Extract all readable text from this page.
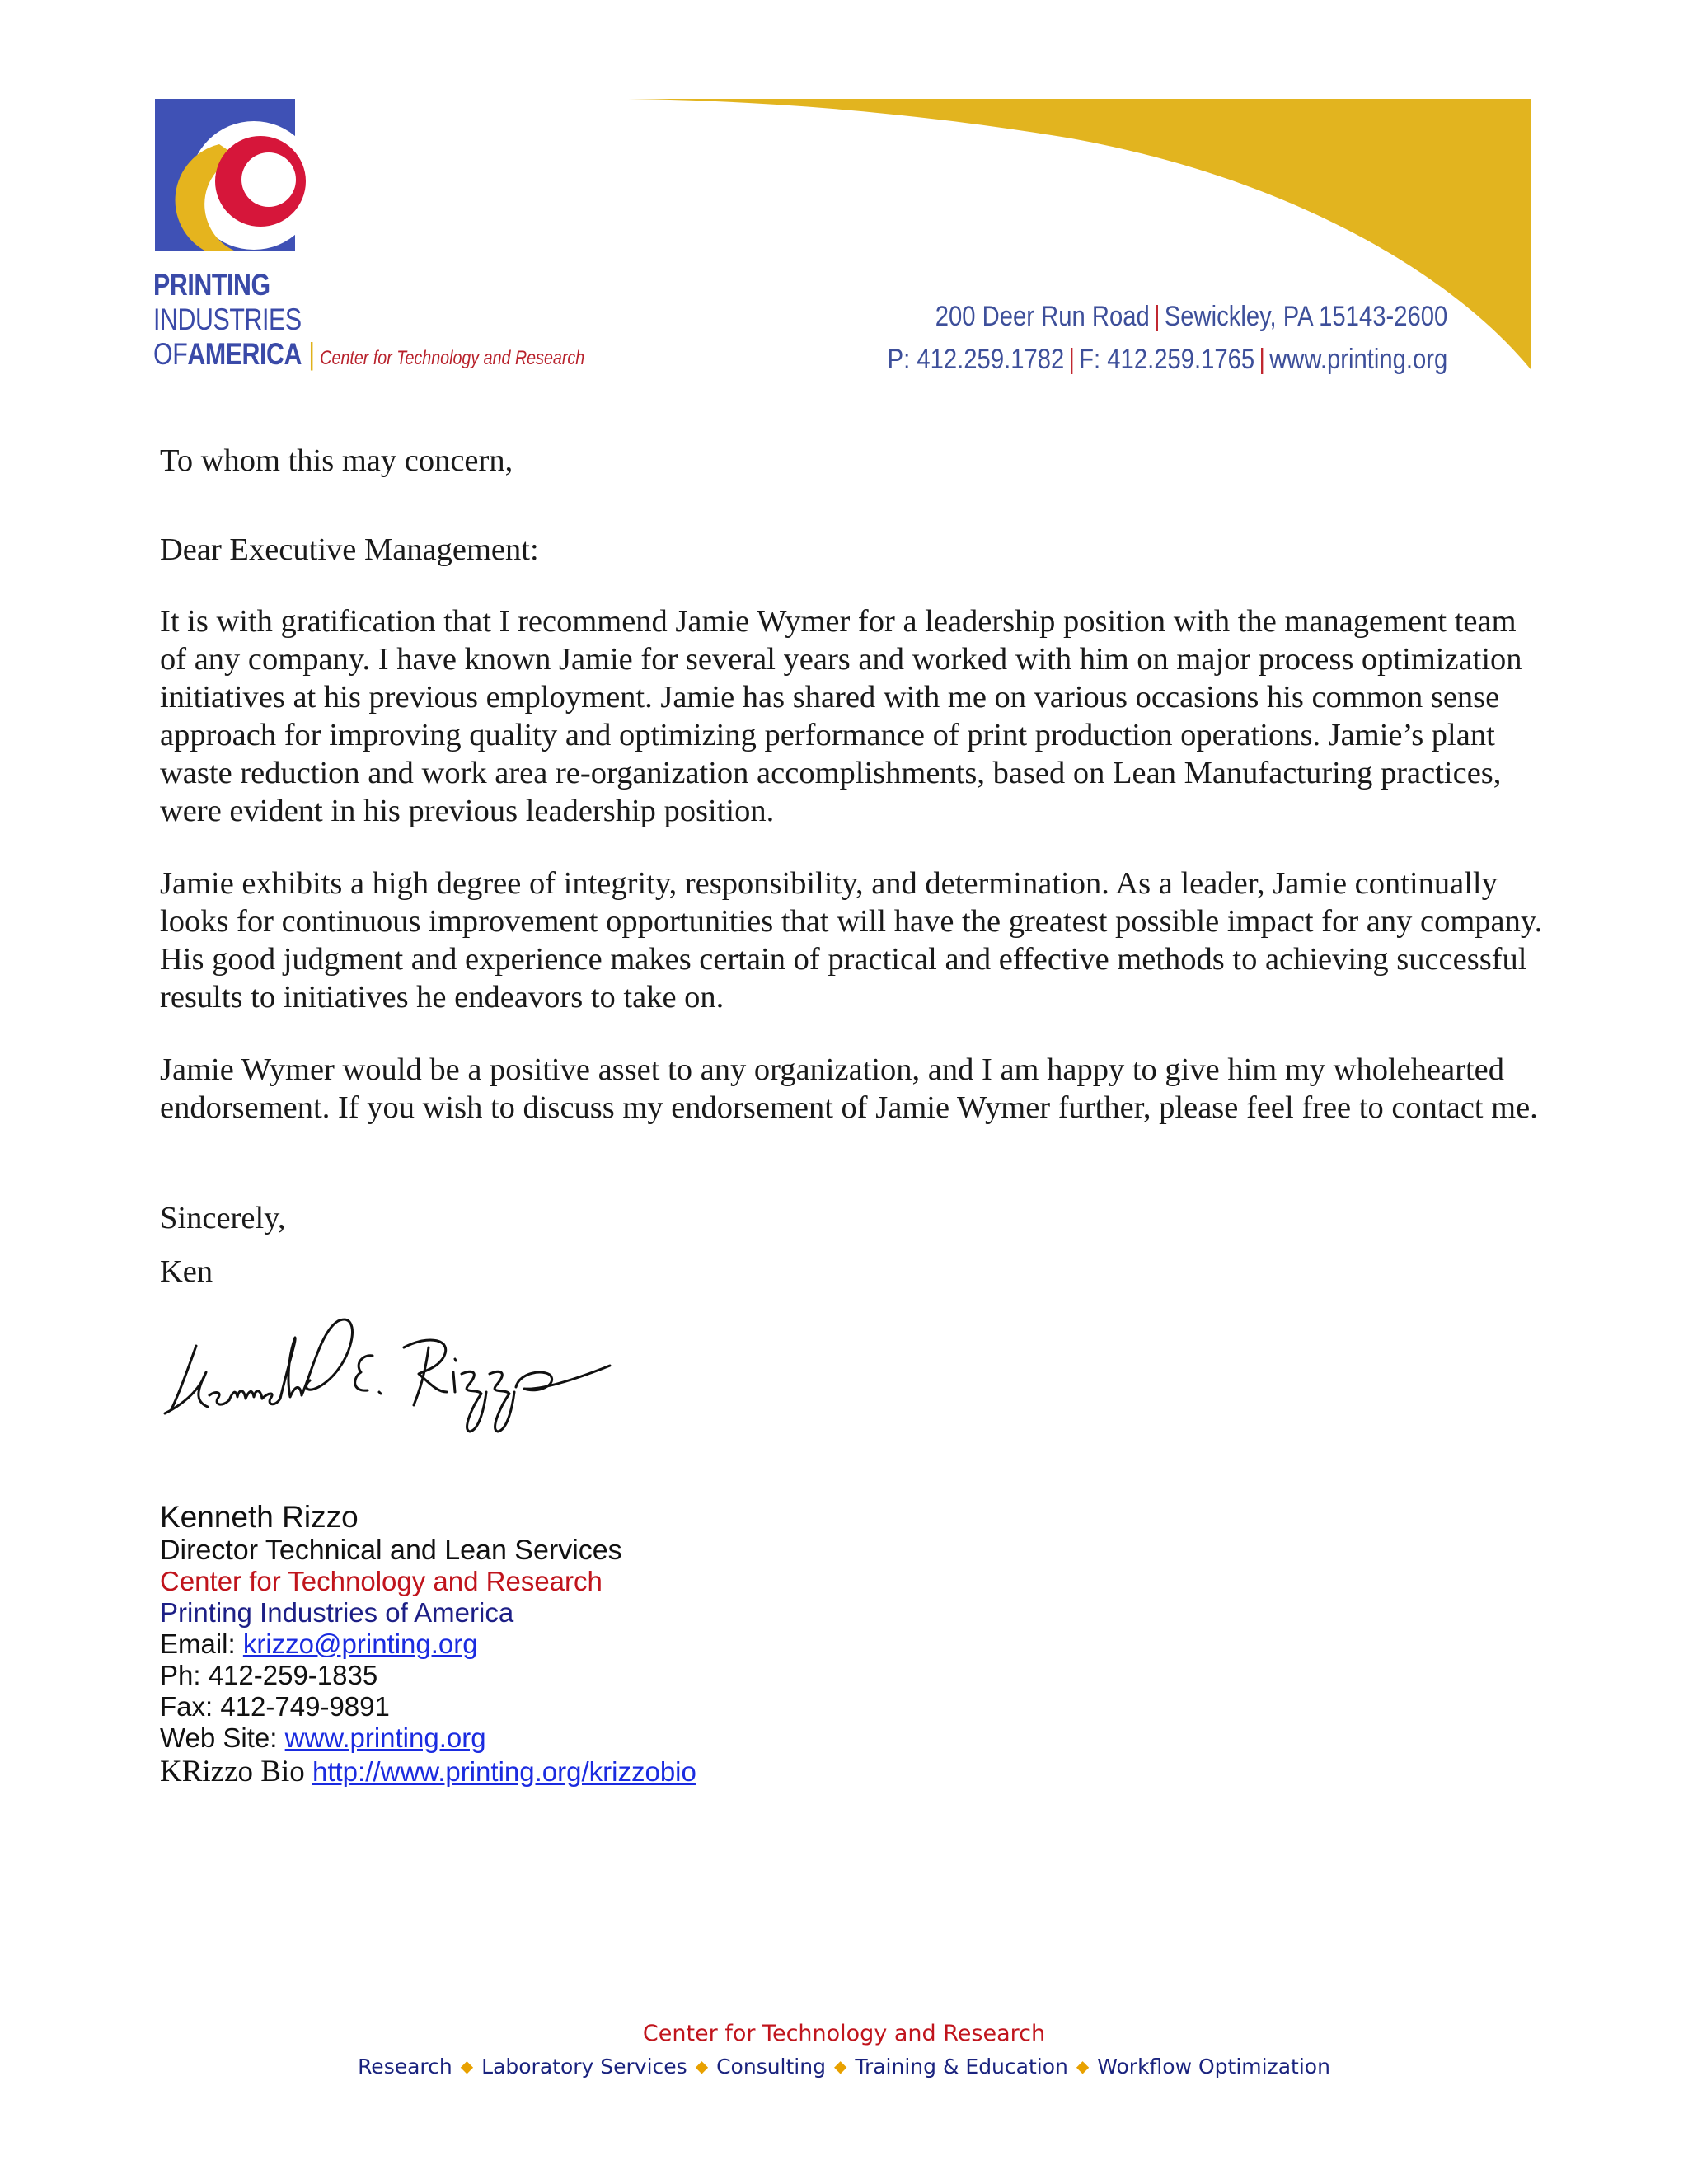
PRINTING
INDUSTRIES
OFAMERICA | Center for Technology and Research
200 Deer Run Road | Sewickley, PA 15143-2600
P: 412.259.1782 | F: 412.259.1765 | www.printing.org

To whom this may concern,

Dear Executive Management:

It is with gratification that I recommend Jamie Wymer for a leadership position with the management team of any company. I have known Jamie for several years and worked with him on major process optimization initiatives at his previous employment. Jamie has shared with me on various occasions his common sense approach for improving quality and optimizing performance of print production operations. Jamie’s plant waste reduction and work area re-organization accomplishments, based on Lean Manufacturing practices, were evident in his previous leadership position.

Jamie exhibits a high degree of integrity, responsibility, and determination. As a leader, Jamie continually looks for continuous improvement opportunities that will have the greatest possible impact for any company. His good judgment and experience makes certain of practical and effective methods to achieving successful results to initiatives he endeavors to take on.

Jamie Wymer would be a positive asset to any organization, and I am happy to give him my wholehearted endorsement. If you wish to discuss my endorsement of Jamie Wymer further, please feel free to contact me.

Sincerely,

Ken

Kenneth Rizzo
Director Technical and Lean Services
Center for Technology and Research
Printing Industries of America
Email: krizzo@printing.org
Ph: 412-259-1835
Fax: 412-749-9891
Web Site: www.printing.org
KRizzo Bio http://www.printing.org/krizzobio
Center for Technology and Research
Research ◆ Laboratory Services ◆ Consulting ◆ Training & Education ◆ Workflow Optimization
